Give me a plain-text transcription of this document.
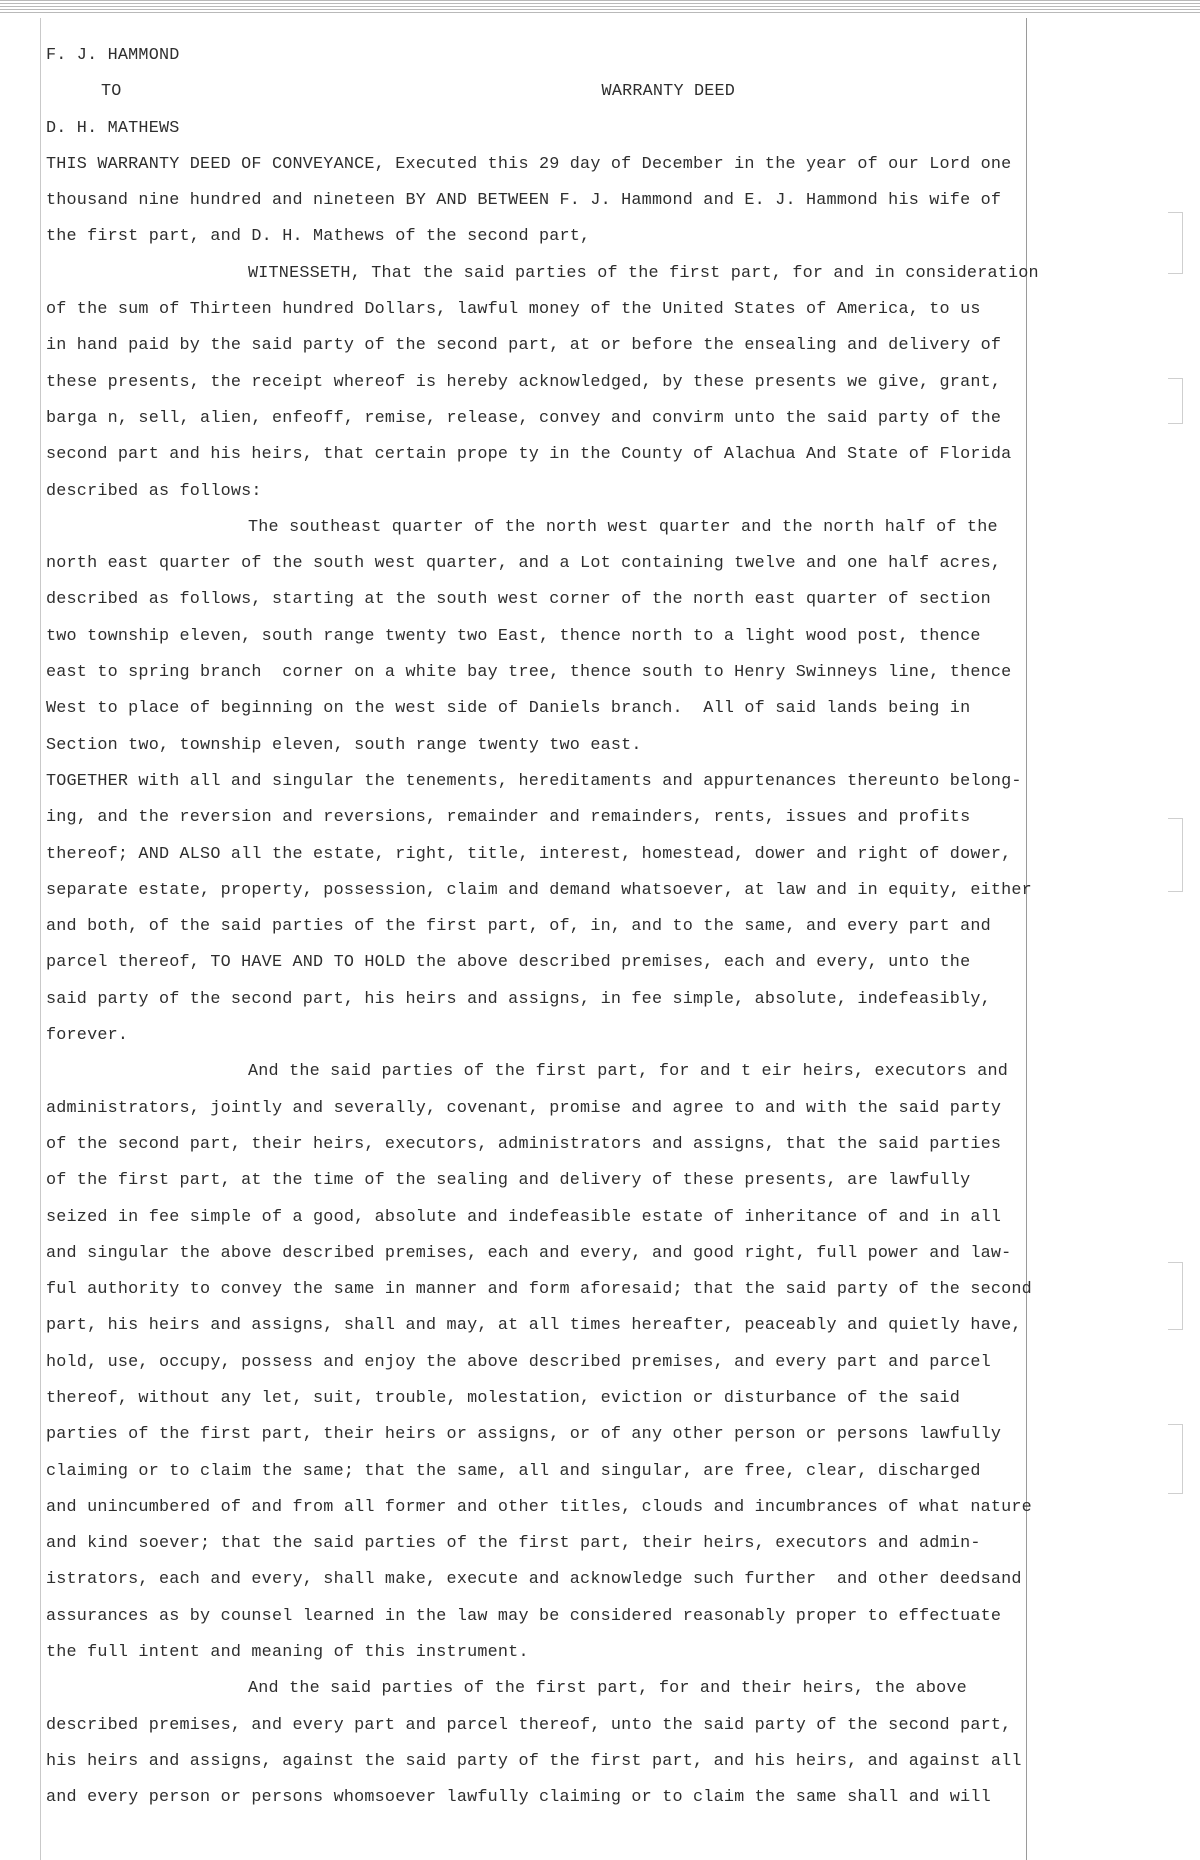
F. J. HAMMOND
TO	WARRANTY DEED
D. H. MATHEWS
THIS WARRANTY DEED OF CONVEYANCE, Executed this 29 day of December in the year of our Lord one
thousand nine hundred and nineteen BY AND BETWEEN F. J. Hammond and E. J. Hammond his wife of
the first part, and D. H. Mathews of the second part,
WITNESSETH, That the said parties of the first part, for and in consideration
of the sum of Thirteen hundred Dollars, lawful money of the United States of America, to us
in hand paid by the said party of the second part, at or before the ensealing and delivery of
these presents, the receipt whereof is hereby acknowledged, by these presents we give, grant,
barga n, sell, alien, enfeoff, remise, release, convey and convirm unto the said party of the
second part and his heirs, that certain prope ty in the County of Alachua And State of Florida
described as follows:
The southeast quarter of the north west quarter and the north half of the
north east quarter of the south west quarter, and a Lot containing twelve and one half acres,
described as follows, starting at the south west corner of the north east quarter of section
two township eleven, south range twenty two East, thence north to a light wood post, thence
east to spring branch  corner on a white bay tree, thence south to Henry Swinneys line, thence
West to place of beginning on the west side of Daniels branch.  All of said lands being in
Section two, township eleven, south range twenty two east.
TOGETHER with all and singular the tenements, hereditaments and appurtenances thereunto belong-
ing, and the reversion and reversions, remainder and remainders, rents, issues and profits
thereof; AND ALSO all the estate, right, title, interest, homestead, dower and right of dower,
separate estate, property, possession, claim and demand whatsoever, at law and in equity, either
and both, of the said parties of the first part, of, in, and to the same, and every part and
parcel thereof, TO HAVE AND TO HOLD the above described premises, each and every, unto the
said party of the second part, his heirs and assigns, in fee simple, absolute, indefeasibly,
forever.
And the said parties of the first part, for and t eir heirs, executors and
administrators, jointly and severally, covenant, promise and agree to and with the said party
of the second part, their heirs, executors, administrators and assigns, that the said parties
of the first part, at the time of the sealing and delivery of these presents, are lawfully
seized in fee simple of a good, absolute and indefeasible estate of inheritance of and in all
and singular the above described premises, each and every, and good right, full power and law-
ful authority to convey the same in manner and form aforesaid; that the said party of the second
part, his heirs and assigns, shall and may, at all times hereafter, peaceably and quietly have,
hold, use, occupy, possess and enjoy the above described premises, and every part and parcel
thereof, without any let, suit, trouble, molestation, eviction or disturbance of the said
parties of the first part, their heirs or assigns, or of any other person or persons lawfully
claiming or to claim the same; that the same, all and singular, are free, clear, discharged
and unincumbered of and from all former and other titles, clouds and incumbrances of what nature
and kind soever; that the said parties of the first part, their heirs, executors and admin-
istrators, each and every, shall make, execute and acknowledge such further  and other deedsand
assurances as by counsel learned in the law may be considered reasonably proper to effectuate
the full intent and meaning of this instrument.
And the said parties of the first part, for and their heirs, the above
described premises, and every part and parcel thereof, unto the said party of the second part,
his heirs and assigns, against the said party of the first part, and his heirs, and against all
and every person or persons whomsoever lawfully claiming or to claim the same shall and will
